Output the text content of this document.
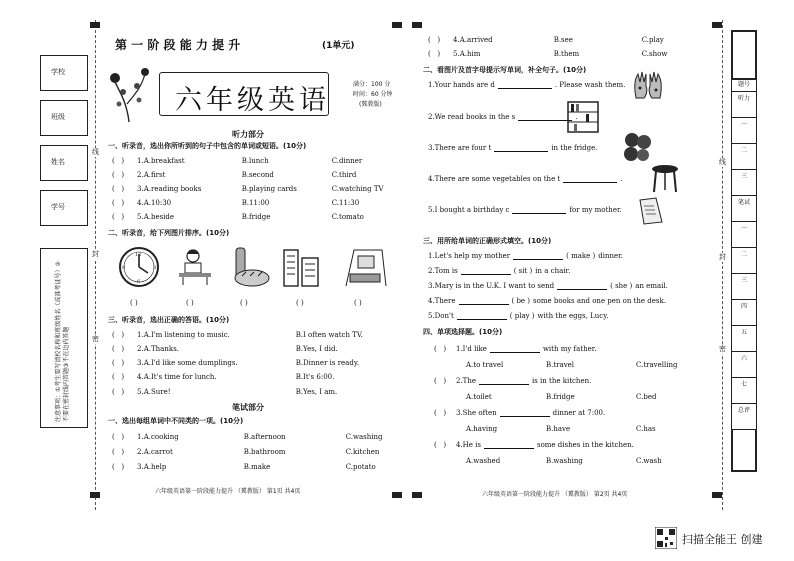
学校
班级
姓名
学号
注意事项：①考生要写清校名称和班级姓名（或准考证号）②不要在密封线内答题③不在边内答题
线
封
密
第 一 阶 段 能 力 提 升	(1单元)
六年级英语
满分：100 分
时间：60 分钟
(冀教版)
听力部分
一、听录音，选出你所听到的句子中包含的单词或短语。(10分)
(   )	1. A.breakfast	B.lunch	C.dinner
(   )	2. A.first	B.second	C.third
(   )	3. A.reading books	B.playing cards	C.watching TV
(   )	4. A.10:30	B.11:00	C.11:30
(   )	5. A.beside	B.fridge	C.tomato
二、听录音，给下列图片排序。(10分)
12
6
9	3
( )	( )	( )	( )	( )
三、听录音，选出正确的答语。(10分)
(   )	1. A.I'm listening to music.	B.I often watch TV.
(   )	2. A.Thanks.	B.Yes, I did.
(   )	3. A.I'd like some dumplings.	B.Dinner is ready.
(   )	4. A.It's time for lunch.	B.It's 6:00.
(   )	5. A.Sure!	B.Yes, I am.
笔试部分
一、选出每组单词中不同类的一项。(10分)
(   )	1. A.cooking	B.afternoon	C.washing
(   )	2. A.carrot	B.bathroom	C.kitchen
(   )	3. A.help	B.make	C.potato
六年级英语第一阶段能力提升 （冀教版） 第1页 共4页
(   )	4. A.arrived	B.see	C.play
(   )	5. A.him	B.them	C.show
二、看图片及首字母提示写单词，补全句子。(10分)
1.Your hands are d	. Please wash them.
2.We read books in the s	.
3.There are four t	in the fridge.
4.There are some vegetables on the t	.
5.I bought a birthday c	for my mother.
三、用所给单词的正确形式填空。(10分)
1.Let's help my mother	( make ) dinner.
2.Tom is	( sit ) in a chair.
3.Mary is in the U.K. I want to send	( she ) an email.
4.There	( be ) some books and one pen on the desk.
5.Don't	( play ) with the eggs, Lucy.
四、单项选择题。(10分)
(   )	1.I'd like	with my father.
A.to travel	B.travel	C.travelling
(   )	2.The	is in the kitchen.
A.toilet	B.fridge	C.bed
(   )	3.She often	dinner at 7:00.
A.having	B.have	C.has
(   )	4.He is	some dishes in the kitchen.
A.washed	B.washing	C.wash
六年级英语第一阶段能力提升 （冀教版） 第2页 共4页
线
封
密
题号
听力
一
二
三
笔试
一
二
三
四
五
六
七
总评
扫描全能王 创建
